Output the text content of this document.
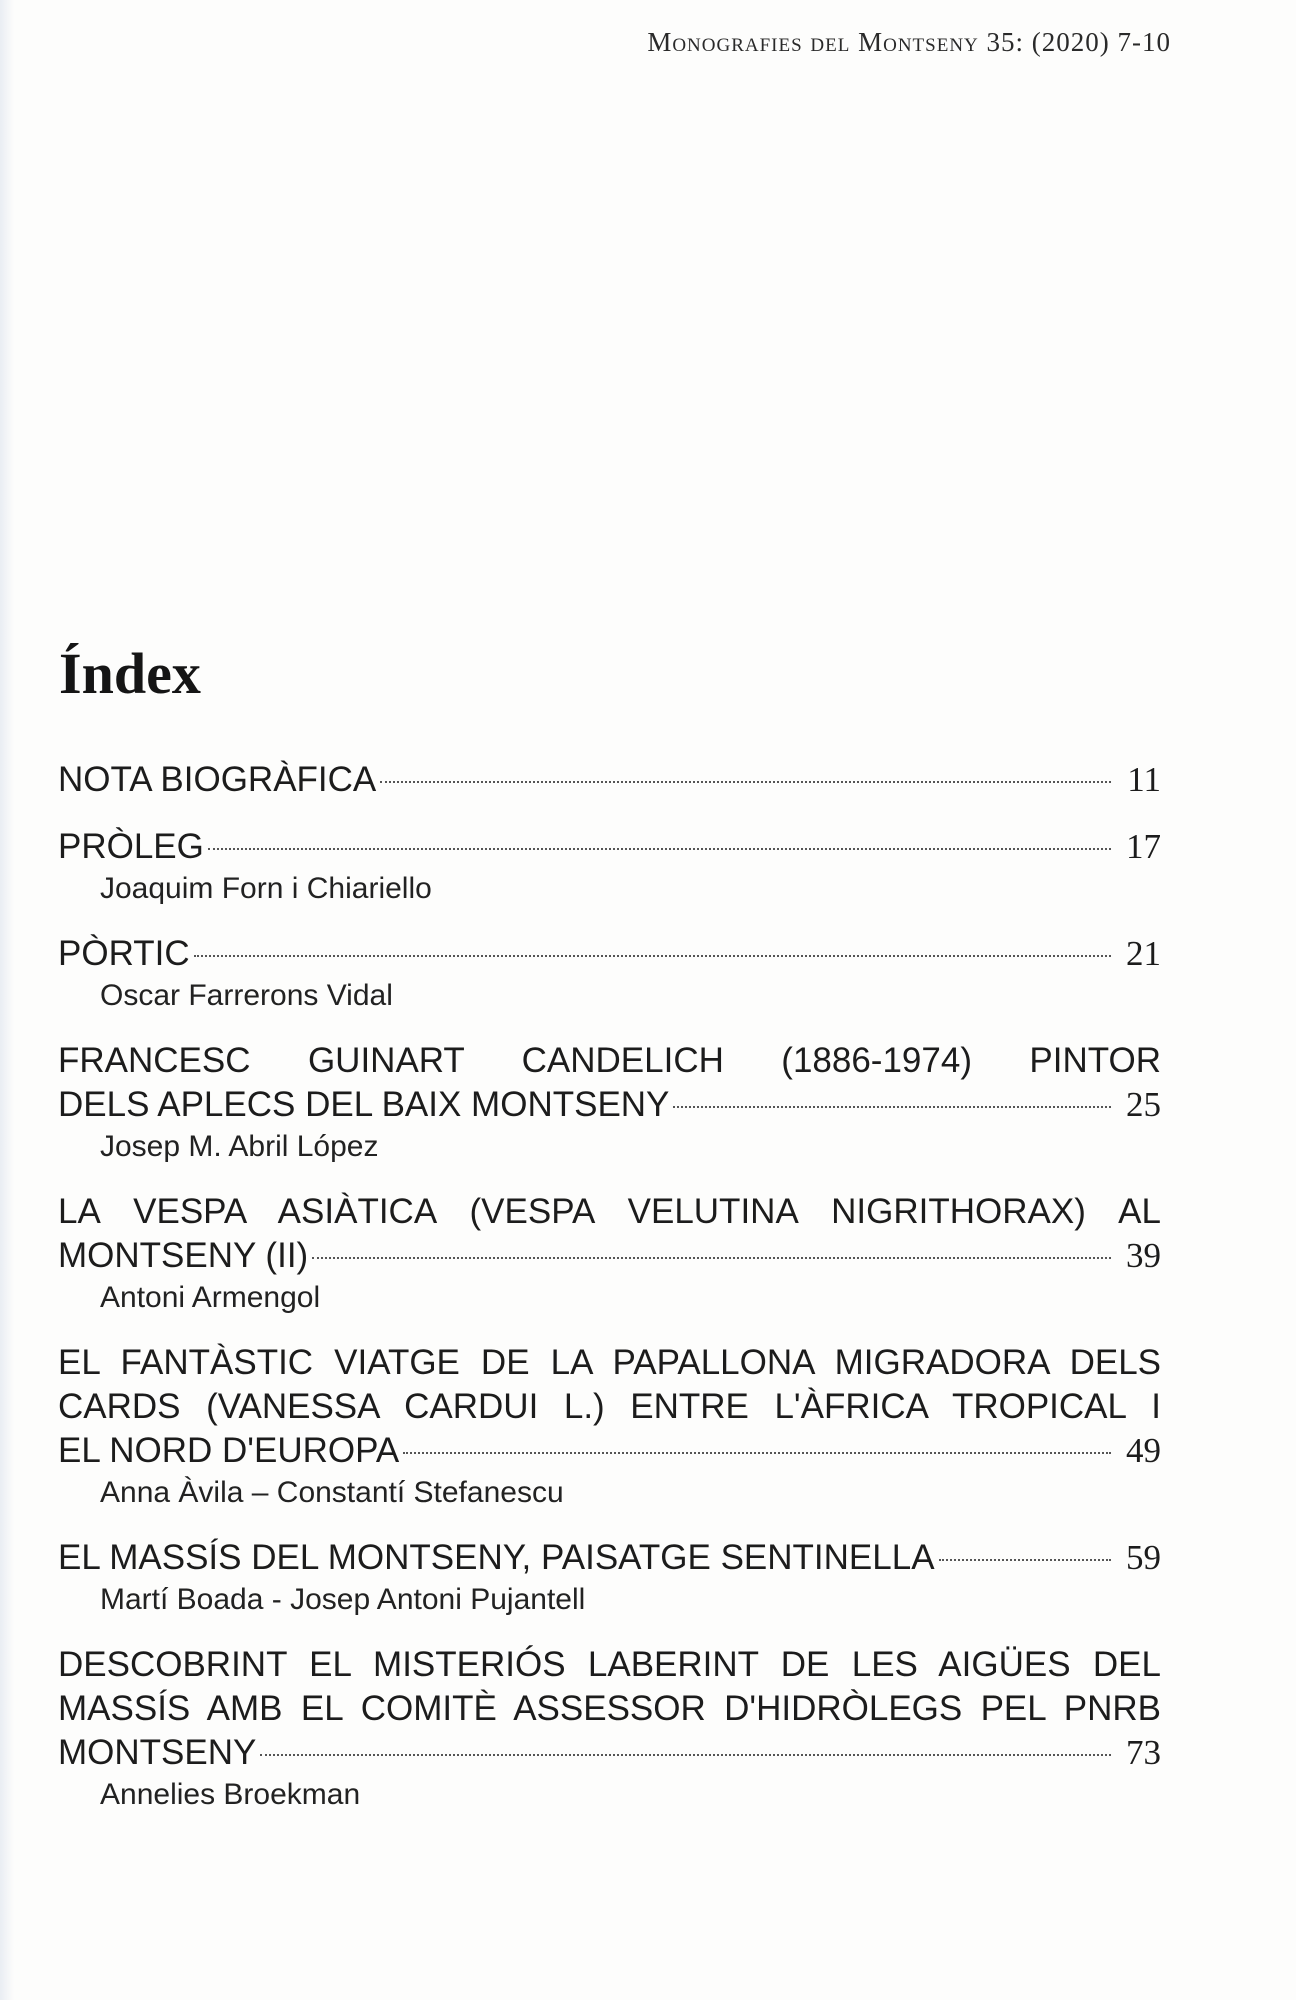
Monografies del Montseny 35: (2020) 7-10
Índex
NOTA BIOGRÀFICA	11
PRÒLEG	17
Joaquim Forn i Chiariello
PÒRTIC	21
Oscar Farrerons Vidal
FRANCESC GUINART CANDELICH (1886-1974) PINTOR
DELS APLECS DEL BAIX MONTSENY	25
Josep M. Abril López
LA VESPA ASIÀTICA (VESPA VELUTINA NIGRITHORAX) AL
MONTSENY (II)	39
Antoni Armengol
EL FANTÀSTIC VIATGE DE LA PAPALLONA MIGRADORA DELS
CARDS (VANESSA CARDUI L.) ENTRE L'ÀFRICA TROPICAL I
EL NORD D'EUROPA	49
Anna Àvila – Constantí Stefanescu
EL MASSÍS DEL MONTSENY, PAISATGE SENTINELLA	59
Martí Boada - Josep Antoni Pujantell
DESCOBRINT EL MISTERIÓS LABERINT DE LES AIGÜES DEL
MASSÍS AMB EL COMITÈ ASSESSOR D'HIDRÒLEGS PEL PNRB
MONTSENY	73
Annelies Broekman
